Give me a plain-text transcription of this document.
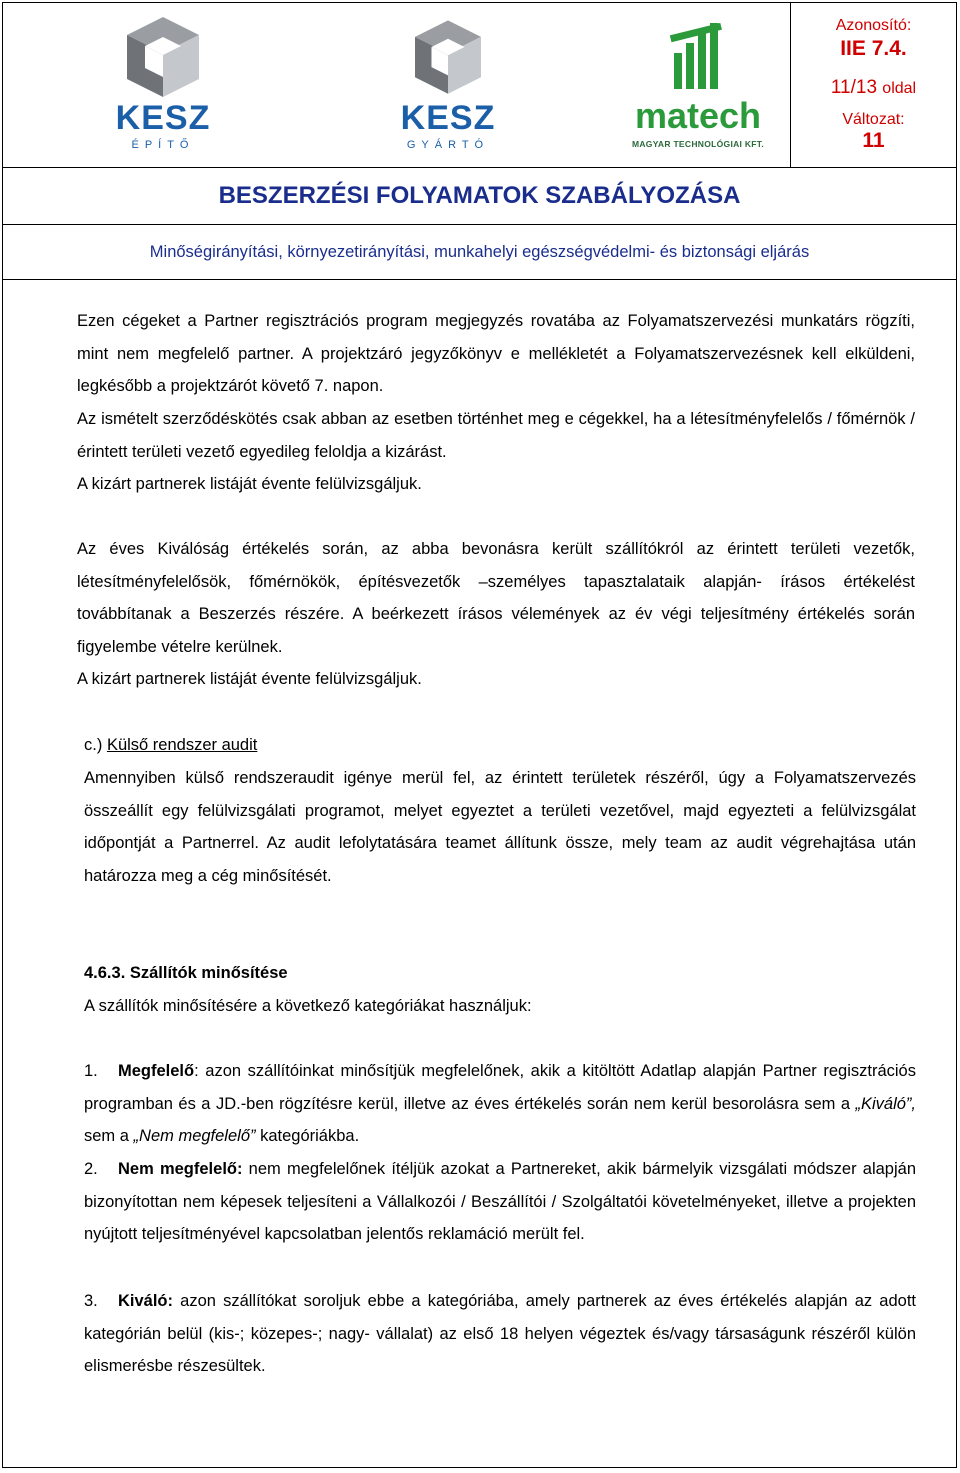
KESZ
ÉPÍTŐ
KESZ
GYÁRTÓ
matech
MAGYAR TECHNOLÓGIAI KFT.

Azonosító:
IIE 7.4.
11/13 oldal
Változat:
11

BESZERZÉSI FOLYAMATOK SZABÁLYOZÁSA
Minőségirányítási, környezetirányítási, munkahelyi egészségvédelmi- és biztonsági eljárás
Ezen cégeket a Partner regisztrációs program megjegyzés rovatába az Folyamatszervezési munkatárs rögzíti, mint nem megfelelő partner. A projektzáró jegyzőkönyv e mellékletét a Folyamatszervezésnek kell elküldeni, legkésőbb a projektzárót követő 7. napon.
Az ismételt szerződéskötés csak abban az esetben történhet meg e cégekkel, ha a létesítményfelelős / főmérnök / érintett területi vezető egyedileg feloldja a kizárást.
A kizárt partnerek listáját évente felülvizsgáljuk.
Az éves Kiválóság értékelés során, az abba bevonásra került szállítókról az érintett területi vezetők, létesítményfelelősök, főmérnökök, építésvezetők –személyes tapasztalataik alapján- írásos értékelést továbbítanak a Beszerzés részére. A beérkezett írásos vélemények az év végi teljesítmény értékelés során figyelembe vételre kerülnek.
A kizárt partnerek listáját évente felülvizsgáljuk.
c.) Külső rendszer audit
Amennyiben külső rendszeraudit igénye merül fel, az érintett területek részéről, úgy a Folyamatszervezés összeállít egy felülvizsgálati programot, melyet egyeztet a területi vezetővel, majd egyezteti a felülvizsgálat időpontját a Partnerrel. Az audit lefolytatására teamet állítunk össze, mely team az audit végrehajtása után határozza meg a cég minősítését.
4.6.3. Szállítók minősítése
A szállítók minősítésére a következő kategóriákat használjuk:
1. Megfelelő: azon szállítóinkat minősítjük megfelelőnek, akik a kitöltött Adatlap alapján Partner regisztrációs programban és a JD.-ben rögzítésre kerül, illetve az éves értékelés során nem kerül besorolásra sem a „Kiváló”, sem a „Nem megfelelő” kategóriákba.
2. Nem megfelelő: nem megfelelőnek ítéljük azokat a Partnereket, akik bármelyik vizsgálati módszer alapján bizonyítottan nem képesek teljesíteni a Vállalkozói / Beszállítói / Szolgáltatói követelményeket, illetve a projekten nyújtott teljesítményével kapcsolatban jelentős reklamáció merült fel.
3. Kiváló: azon szállítókat soroljuk ebbe a kategóriába, amely partnerek az éves értékelés alapján az adott kategórián belül (kis-; közepes-; nagy- vállalat) az első 18 helyen végeztek és/vagy társaságunk részéről külön elismerésbe részesültek.
